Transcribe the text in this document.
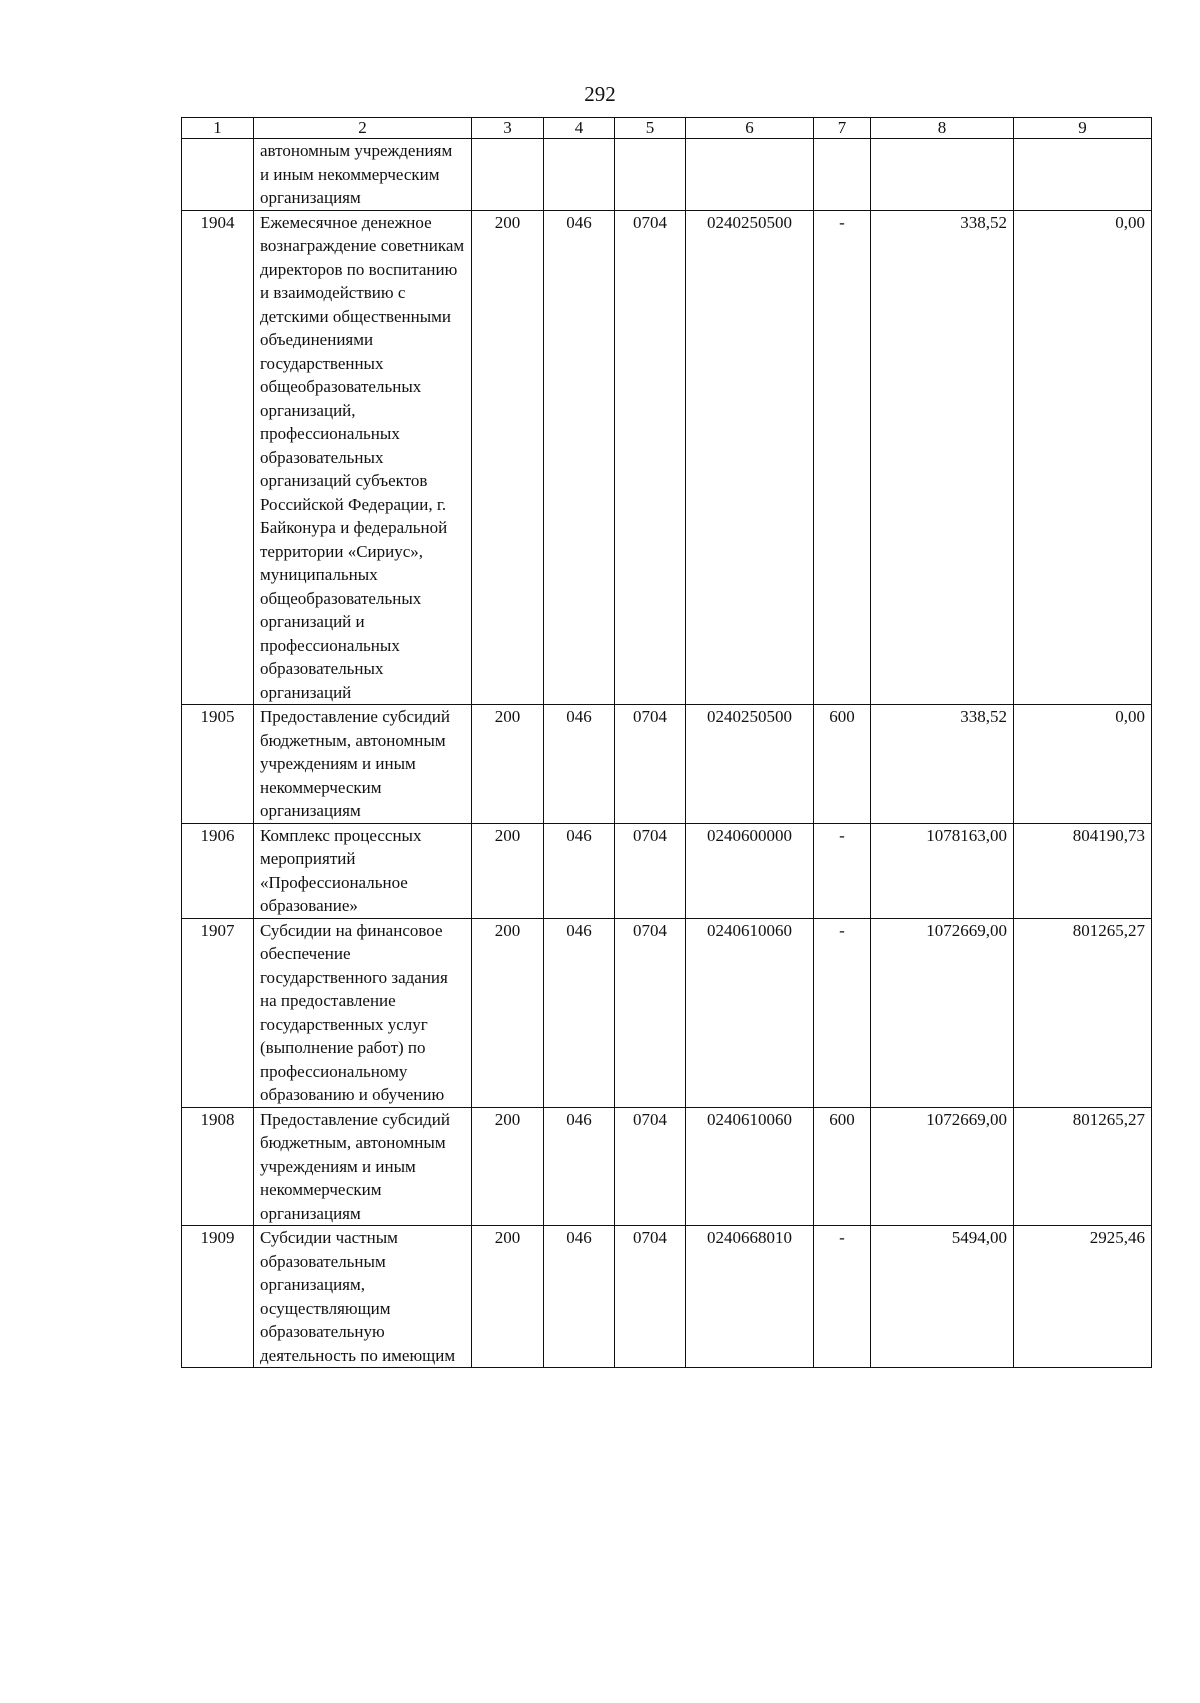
292
1	2	3	4	5	6	7	8	9
	автономным учреждениям и иным некоммерческим организациям							
1904	Ежемесячное денежное вознаграждение советникам директоров по воспитанию и взаимодействию с детскими общественными объединениями государственных общеобразовательных организаций, профессиональных образовательных организаций субъектов Российской Федерации, г. Байконура и федеральной территории «Сириус», муниципальных общеобразовательных организаций и профессиональных образовательных организаций	200	046	0704	0240250500	-	338,52	0,00
1905	Предоставление субсидий бюджетным, автономным учреждениям и иным некоммерческим организациям	200	046	0704	0240250500	600	338,52	0,00
1906	Комплекс процессных мероприятий «Профессиональное образование»	200	046	0704	0240600000	-	1078163,00	804190,73
1907	Субсидии на финансовое обеспечение государственного задания на предоставление государственных услуг (выполнение работ) по профессиональному образованию и обучению	200	046	0704	0240610060	-	1072669,00	801265,27
1908	Предоставление субсидий бюджетным, автономным учреждениям и иным некоммерческим организациям	200	046	0704	0240610060	600	1072669,00	801265,27
1909	Субсидии частным образовательным организациям, осуществляющим образовательную деятельность по имеющим	200	046	0704	0240668010	-	5494,00	2925,46
